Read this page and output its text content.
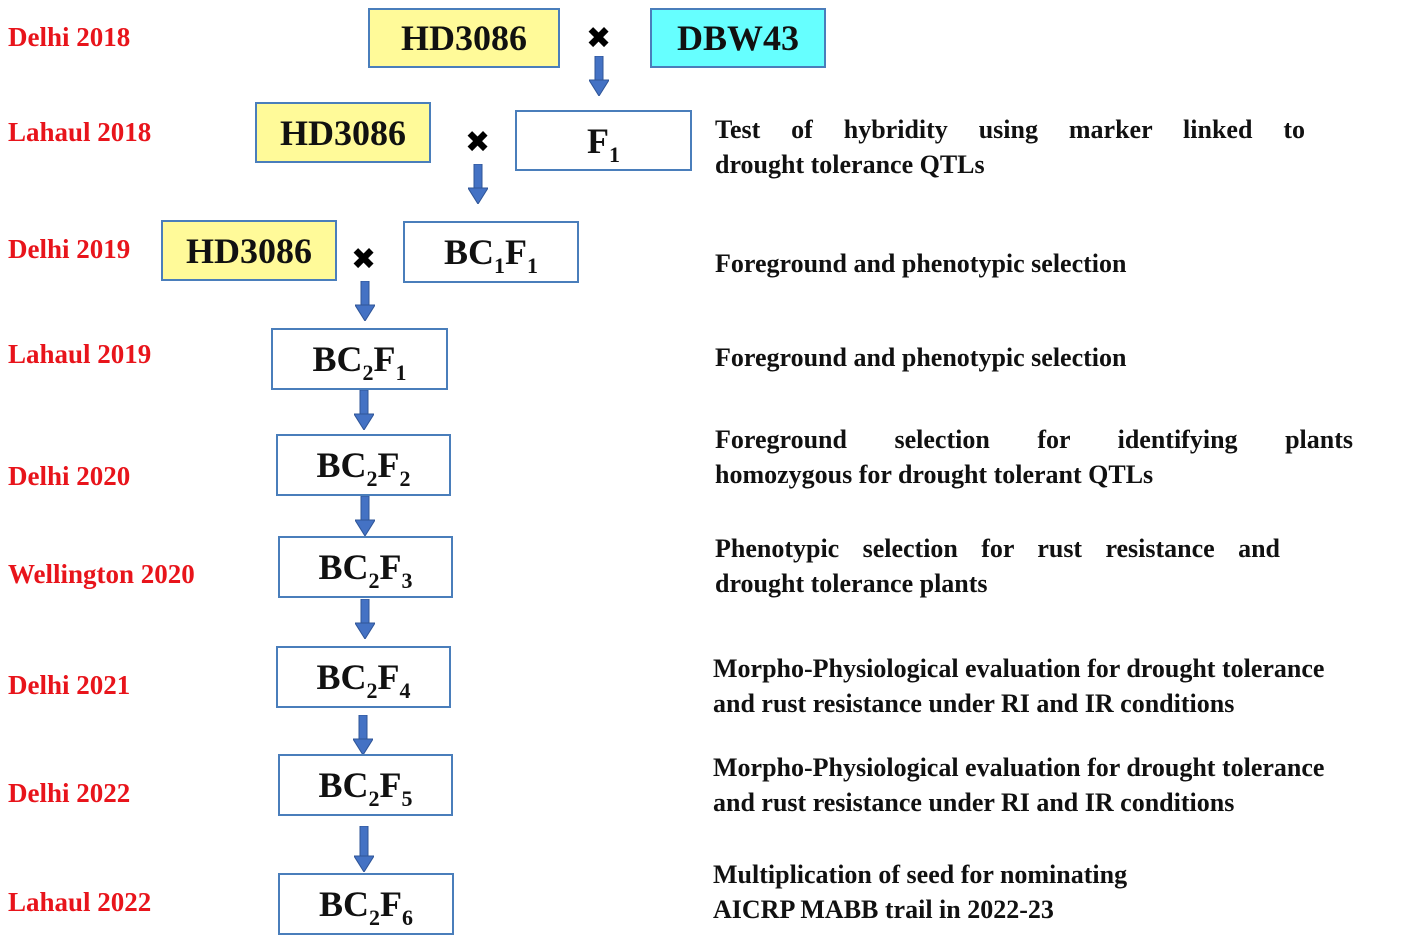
Delhi 2018
Lahaul 2018
Delhi 2019
Lahaul 2019
Delhi 2020
Wellington 2020
Delhi 2021
Delhi 2022
Lahaul 2022
HD3086 ✖ DBW43
HD3086 ✖	$F_1$
Test of hybridity using marker linked to
drought tolerance QTLs
HD3086 ✖ $BC_1F_1$	Foreground and phenotypic selection
$BC_2F_1$
Foreground and phenotypic selection
$BC_2F_2$
Foreground selection for identifying plants
homozygous for drought tolerant QTLs
$BC_2F_3$
Phenotypic selection for rust resistance and
drought tolerance plants
$BC_2F_4$
Morpho-Physiological evaluation for drought tolerance
and rust resistance under RI and IR conditions
$BC_2F_5$
Morpho-Physiological evaluation for drought tolerance
and rust resistance under RI and IR conditions
$BC_2F_6$
Multiplication of seed for nominating
AICRP MABB trail in 2022-23
